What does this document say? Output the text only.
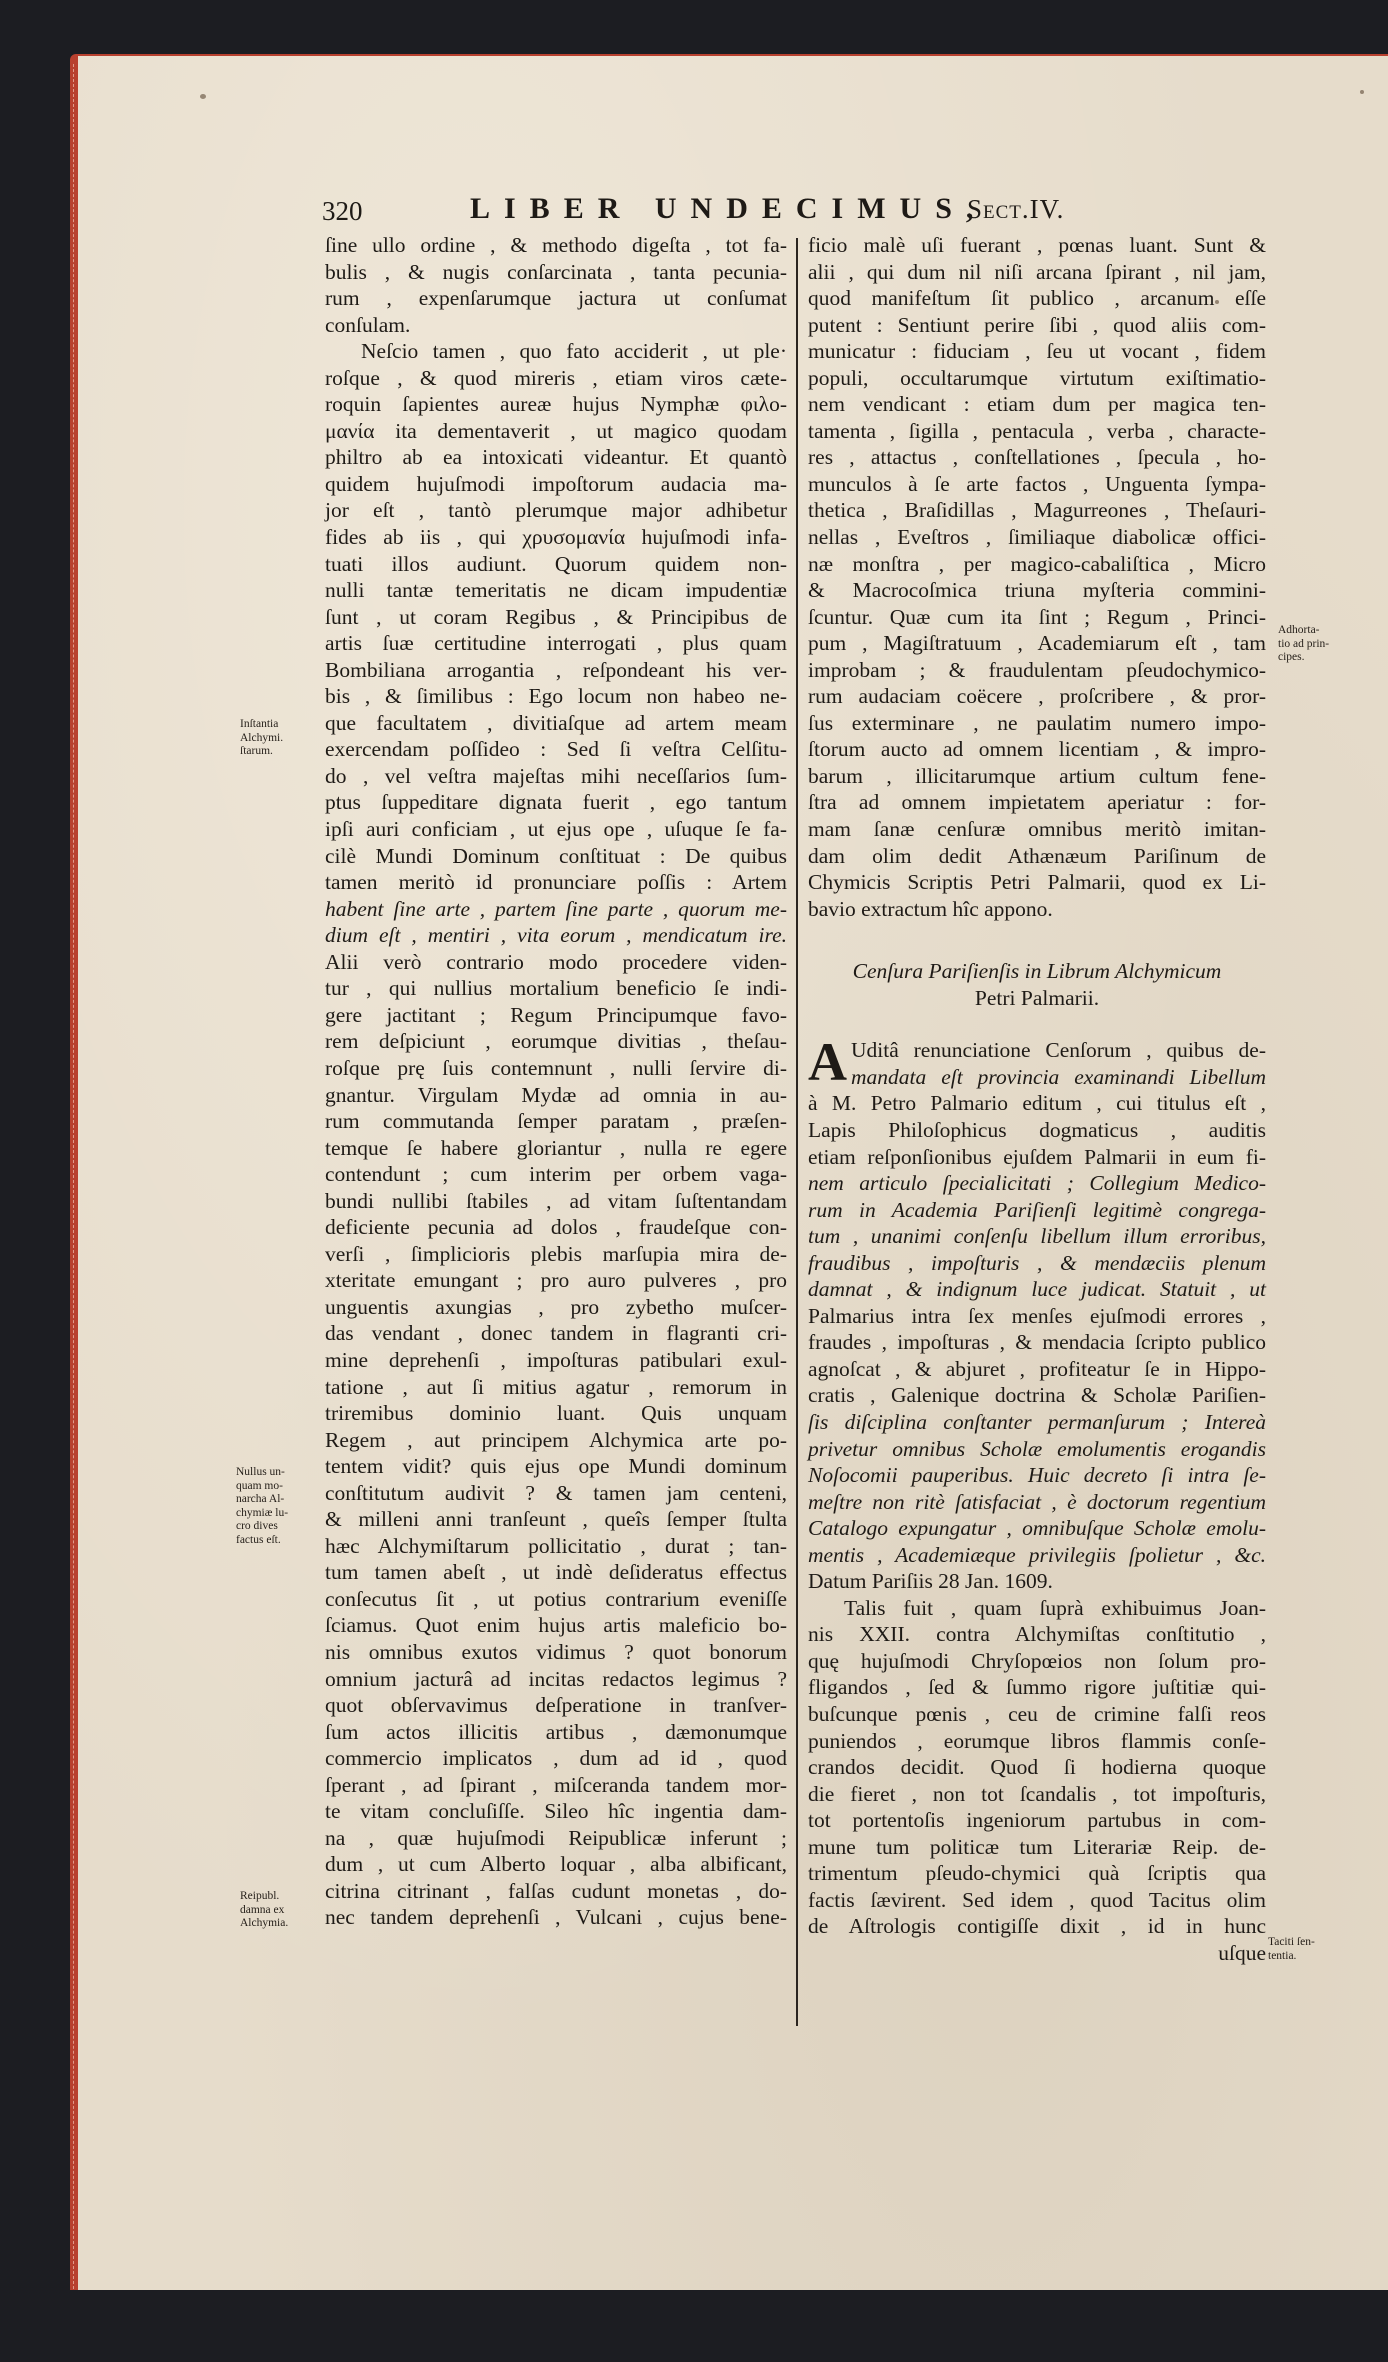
320	LIBER UNDECIMUS,
Sect.IV.
ſine ullo ordine , & methodo digeſta , tot fa-
bulis , & nugis conſarcinata , tanta pecunia-
rum , expenſarumque jactura ut conſumat
conſulam.
Neſcio tamen , quo fato acciderit , ut ple·
roſque , & quod mireris , etiam viros cæte-
roquin ſapientes aureæ hujus Nymphæ φιλο-
μανία ita dementaverit , ut magico quodam
philtro ab ea intoxicati videantur. Et quantò
quidem hujuſmodi impoſtorum audacia ma-
jor eſt , tantò plerumque major adhibetur
fides ab iis , qui χρυσομανία hujuſmodi infa-
tuati illos audiunt. Quorum quidem non-
nulli tantæ temeritatis ne dicam impudentiæ
ſunt , ut coram Regibus , & Principibus de
artis ſuæ certitudine interrogati , plus quam
Bombiliana arrogantia , reſpondeant his ver-
bis , & ſimilibus : Ego locum non habeo ne-
que facultatem , divitiaſque ad artem meam
exercendam poſſideo : Sed ſi veſtra Celſitu-
do , vel veſtra majeſtas mihi neceſſarios ſum-
ptus ſuppeditare dignata fuerit , ego tantum
ipſi auri conficiam , ut ejus ope , uſuque ſe fa-
cilè Mundi Dominum conſtituat : De quibus
tamen meritò id pronunciare poſſis : Artem
habent ſine arte , partem ſine parte , quorum me-
dium eſt , mentiri , vita eorum , mendicatum ire.
Alii verò contrario modo procedere viden-
tur , qui nullius mortalium beneficio ſe indi-
gere jactitant ; Regum Principumque favo-
rem deſpiciunt , eorumque divitias , theſau-
roſque prę ſuis contemnunt , nulli ſervire di-
gnantur. Virgulam Mydæ ad omnia in au-
rum commutanda ſemper paratam , præſen-
temque ſe habere gloriantur , nulla re egere
contendunt ; cum interim per orbem vaga-
bundi nullibi ſtabiles , ad vitam ſuſtentandam
deficiente pecunia ad dolos , fraudeſque con-
verſi , ſimplicioris plebis marſupia mira de-
xteritate emungant ; pro auro pulveres , pro
unguentis axungias , pro zybetho muſcer-
das vendant , donec tandem in flagranti cri-
mine deprehenſi , impoſturas patibulari exul-
tatione , aut ſi mitius agatur , remorum in
triremibus dominio luant. Quis unquam
Regem , aut principem Alchymica arte po-
tentem vidit? quis ejus ope Mundi dominum
conſtitutum audivit ? & tamen jam centeni,
& milleni anni tranſeunt , queîs ſemper ſtulta
hæc Alchymiſtarum pollicitatio , durat ; tan-
tum tamen abeſt , ut indè deſideratus effectus
conſecutus ſit , ut potius contrarium eveniſſe
ſciamus. Quot enim hujus artis maleficio bo-
nis omnibus exutos vidimus ? quot bonorum
omnium jacturâ ad incitas redactos legimus ?
quot obſervavimus deſperatione in tranſver-
ſum actos illicitis artibus , dæmonumque
commercio implicatos , dum ad id , quod
ſperant , ad ſpirant , miſceranda tandem mor-
te vitam concluſiſſe. Sileo hîc ingentia dam-
na , quæ hujuſmodi Reipublicæ inferunt ;
dum , ut cum Alberto loquar , alba albificant,
citrina citrinant , falſas cudunt monetas , do-
nec tandem deprehenſi , Vulcani , cujus bene-
ficio malè uſi fuerant , pœnas luant. Sunt &
alii , qui dum nil niſi arcana ſpirant , nil jam,
quod manifeſtum ſit publico , arcanum eſſe
putent : Sentiunt perire ſibi , quod aliis com-
municatur : fiduciam , ſeu ut vocant , fidem
populi, occultarumque virtutum exiſtimatio-
nem vendicant : etiam dum per magica ten-
tamenta , ſigilla , pentacula , verba , characte-
res , attactus , conſtellationes , ſpecula , ho-
munculos à ſe arte factos , Unguenta ſympa-
thetica , Braſidillas , Magurreones , Theſauri-
nellas , Eveſtros , ſimiliaque diabolicæ offici-
næ monſtra , per magico-cabaliſtica , Micro
& Macrocoſmica triuna myſteria commini-
ſcuntur. Quæ cum ita ſint ; Regum , Princi-
pum , Magiſtratuum , Academiarum eſt , tam
improbam ; & fraudulentam pſeudochymico-
rum audaciam coëcere , proſcribere , & pror-
ſus exterminare , ne paulatim numero impo-
ſtorum aucto ad omnem licentiam , & impro-
barum , illicitarumque artium cultum fene-
ſtra ad omnem impietatem aperiatur : for-
mam ſanæ cenſuræ omnibus meritò imitan-
dam olim dedit Athænæum Pariſinum de
Chymicis Scriptis Petri Palmarii, quod ex Li-
bavio extractum hîc appono.
Cenſura Pariſienſis in Librum Alchymicum
Petri Palmarii.
A Uditâ renunciatione Cenſorum , quibus de-
mandata eſt provincia examinandi Libellum
à M. Petro Palmario editum , cui titulus eſt ,
Lapis Philoſophicus dogmaticus , auditis
etiam reſponſionibus ejuſdem Palmarii in eum fi-
nem articulo ſpecialicitati ; Collegium Medico-
rum in Academia Pariſienſi legitimè congrega-
tum , unanimi conſenſu libellum illum erroribus,
fraudibus , impoſturis , & mendæciis plenum
damnat , & indignum luce judicat. Statuit , ut
Palmarius intra ſex menſes ejuſmodi errores ,
fraudes , impoſturas , & mendacia ſcripto publico
agnoſcat , & abjuret , profiteatur ſe in Hippo-
cratis , Galenique doctrina & Scholæ Pariſien-
ſis diſciplina conſtanter permanſurum ; Intereà
privetur omnibus Scholæ emolumentis erogandis
Noſocomii pauperibus. Huic decreto ſi intra ſe-
meſtre non ritè ſatisfaciat , è doctorum regentium
Catalogo expungatur , omnibuſque Scholæ emolu-
mentis , Academiæque privilegiis ſpolietur , &c.
Datum Pariſiis 28 Jan. 1609.
Talis fuit , quam ſuprà exhibuimus Joan-
nis XXII. contra Alchymiſtas conſtitutio ,
quę hujuſmodi Chryſopœios non ſolum pro-
fligandos , ſed & ſummo rigore juſtitiæ qui-
buſcunque pœnis , ceu de crimine falſi reos
puniendos , eorumque libros flammis conſe-
crandos decidit. Quod ſi hodierna quoque
die fieret , non tot ſcandalis , tot impoſturis,
tot portentoſis ingeniorum partubus in com-
mune tum politicæ tum Literariæ Reip. de-
trimentum pſeudo-chymici quà ſcriptis qua
factis ſævirent. Sed idem , quod Tacitus olim
de Aſtrologis contigiſſe dixit , id in hunc
uſque
Inſtantia
Alchymi.
ſtarum.
Nullus un-
quam mo-
narcha Al-
chymiæ lu-
cro dives
factus eſt.
Reipubl.
damna ex
Alchymia.
Adhorta-
tio ad prin-
cipes.
Taciti ſen-
tentia.
